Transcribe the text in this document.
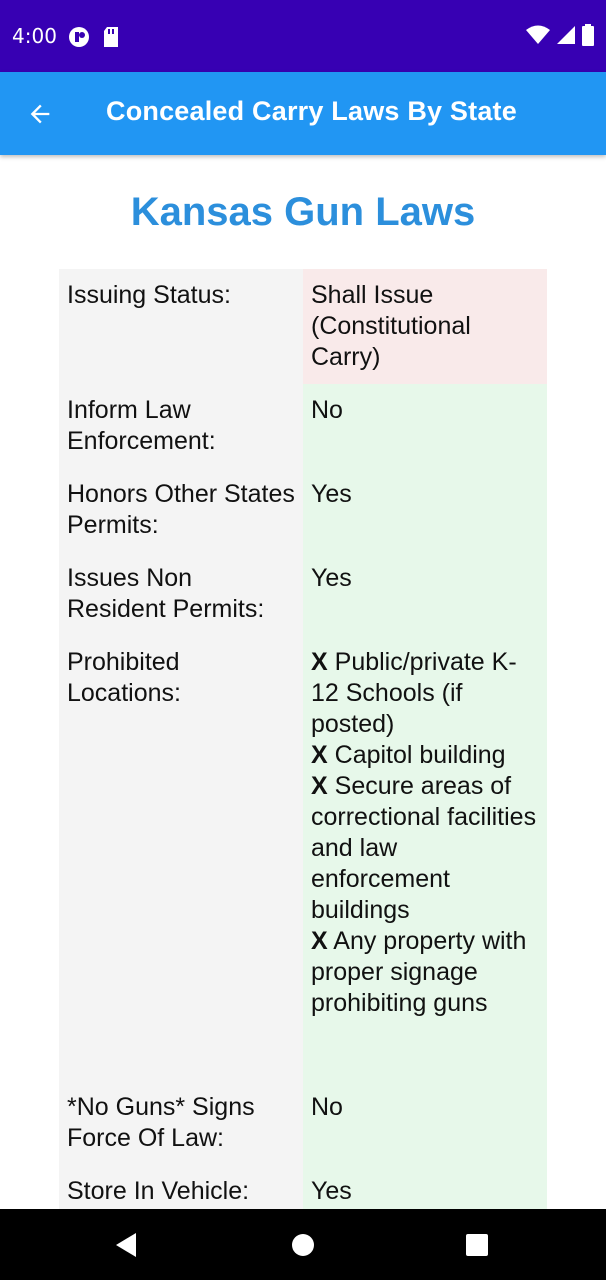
4:00
Concealed Carry Laws By State
Kansas Gun Laws
Issuing Status:	Shall Issue (Constitutional Carry)
Inform Law Enforcement:
No
Honors Other States Permits:
Yes
Issues Non Resident Permits:
Yes
Prohibited Locations:
X Public/private K-12 Schools (if posted)
X Capitol building
X Secure areas of correctional facilities and law enforcement buildings
X Any property with proper signage prohibiting guns
*No Guns* Signs Force Of Law:
No
Store In Vehicle:	Yes
